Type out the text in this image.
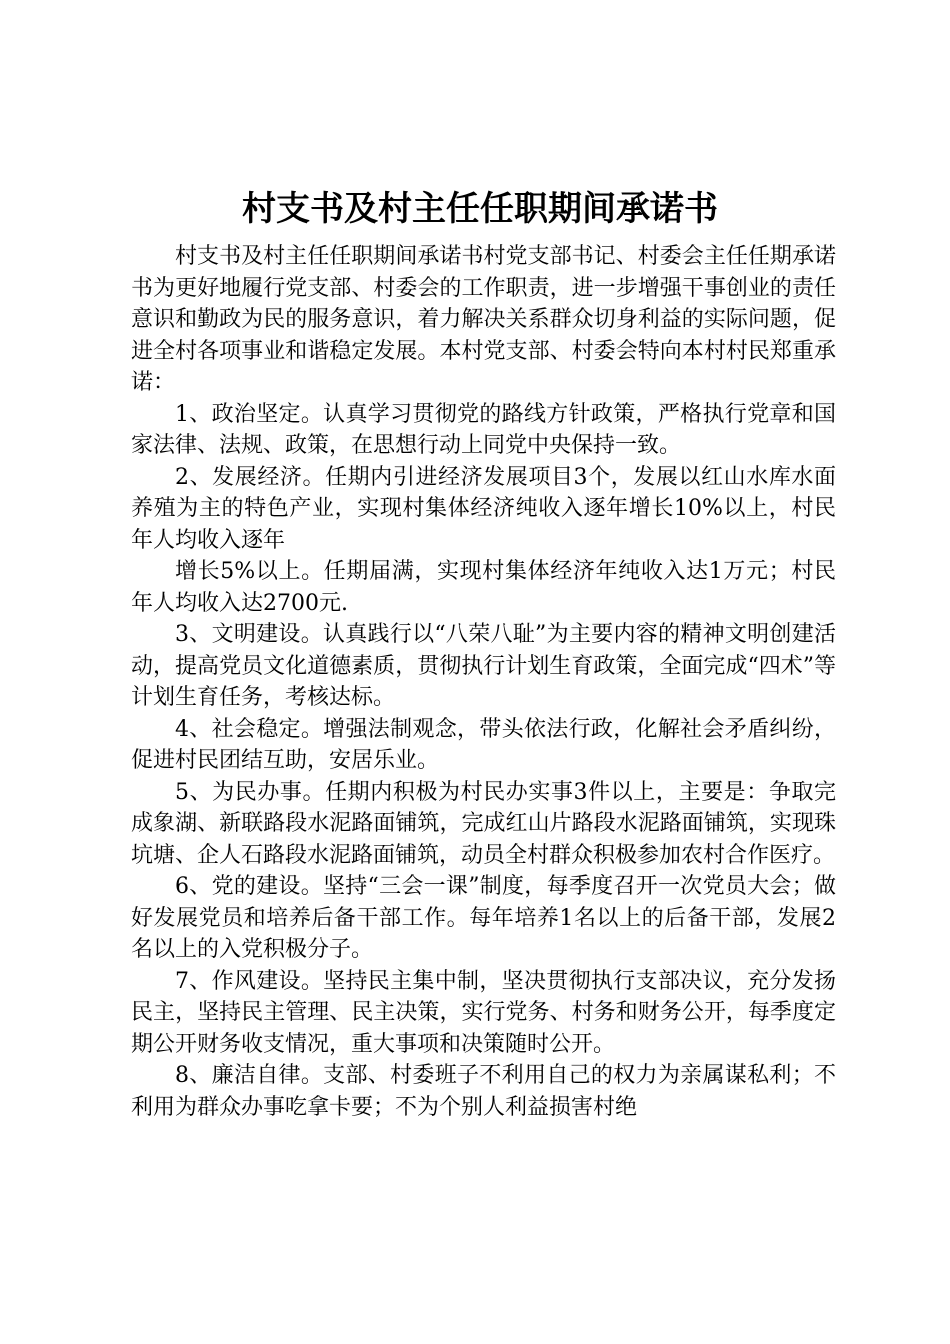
村支书及村主任任职期间承诺书

村支书及村主任任职期间承诺书村党支部书记、村委会主任任期承诺书为更好地履行党支部、村委会的工作职责，进一步增强干事创业的责任意识和勤政为民的服务意识，着力解决关系群众切身利益的实际问题，促进全村各项事业和谐稳定发展。本村党支部、村委会特向本村村民郑重承诺：

1、政治坚定。认真学习贯彻党的路线方针政策，严格执行党章和国家法律、法规、政策，在思想行动上同党中央保持一致。

2、发展经济。任期内引进经济发展项目3个，发展以红山水库水面养殖为主的特色产业，实现村集体经济纯收入逐年增长10%以上，村民年人均收入逐年

增长5%以上。任期届满，实现村集体经济年纯收入达1万元；村民年人均收入达2700元.

3、文明建设。认真践行以“八荣八耻”为主要内容的精神文明创建活动，提高党员文化道德素质，贯彻执行计划生育政策，全面完成“四术”等计划生育任务，考核达标。

4、社会稳定。增强法制观念，带头依法行政，化解社会矛盾纠纷，促进村民团结互助，安居乐业。

5、为民办事。任期内积极为村民办实事3件以上，主要是：争取完成象湖、新联路段水泥路面铺筑，完成红山片路段水泥路面铺筑，实现珠坑塘、企人石路段水泥路面铺筑，动员全村群众积极参加农村合作医疗。

6、党的建设。坚持“三会一课”制度，每季度召开一次党员大会；做好发展党员和培养后备干部工作。每年培养1名以上的后备干部，发展2名以上的入党积极分子。

7、作风建设。坚持民主集中制，坚决贯彻执行支部决议，充分发扬民主，坚持民主管理、民主决策，实行党务、村务和财务公开，每季度定期公开财务收支情况，重大事项和决策随时公开。

8、廉洁自律。支部、村委班子不利用自己的权力为亲属谋私利；不利用为群众办事吃拿卡要；不为个别人利益损害村绝
